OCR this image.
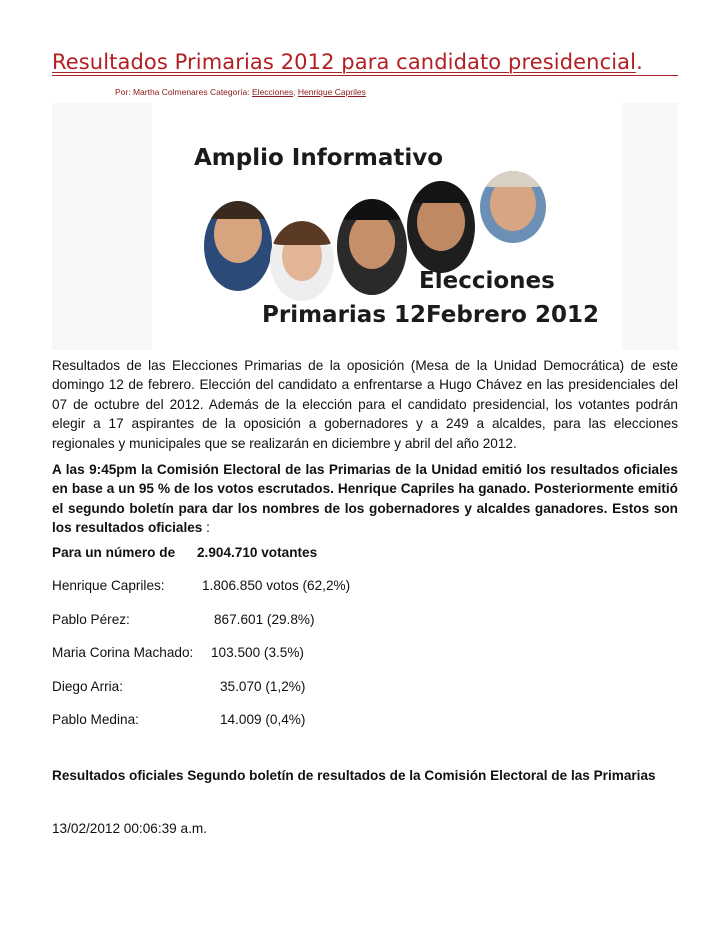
Resultados Primarias 2012 para candidato presidencial.
Por: Martha Colmenares Categoría: Elecciones, Henrique Capriles
Amplio Informativo
Elecciones
Primarias 12Febrero 2012

Resultados de las Elecciones Primarias de la oposición (Mesa de la Unidad Democrática) de este domingo 12 de febrero. Elección del candidato a enfrentarse a Hugo Chávez en las presidenciales del 07 de octubre del 2012. Además de la elección para el candidato presidencial, los votantes podrán elegir a 17 aspirantes de la oposición a gobernadores y a 249 a alcaldes, para las elecciones regionales y municipales que se realizarán en diciembre y abril del año 2012.

A las 9:45pm la Comisión Electoral de las Primarias de la Unidad emitió los resultados oficiales en base a un 95 % de los votos escrutados. Henrique Capriles ha ganado. Posteriormente emitió el segundo boletín para dar los nombres de los gobernadores y alcaldes ganadores. Estos son los resultados oficiales :

Para un número de 2.904.710 votantes
Henrique Capriles:	1.806.850 votos (62,2%)
Pablo Pérez:	867.601 (29.8%)
Maria Corina Machado: 103.500 (3.5%)
Diego Arria:	35.070 (1,2%)
Pablo Medina:	14.009 (0,4%)

Resultados oficiales Segundo boletín de resultados de la Comisión Electoral de las Primarias

13/02/2012 00:06:39 a.m.
